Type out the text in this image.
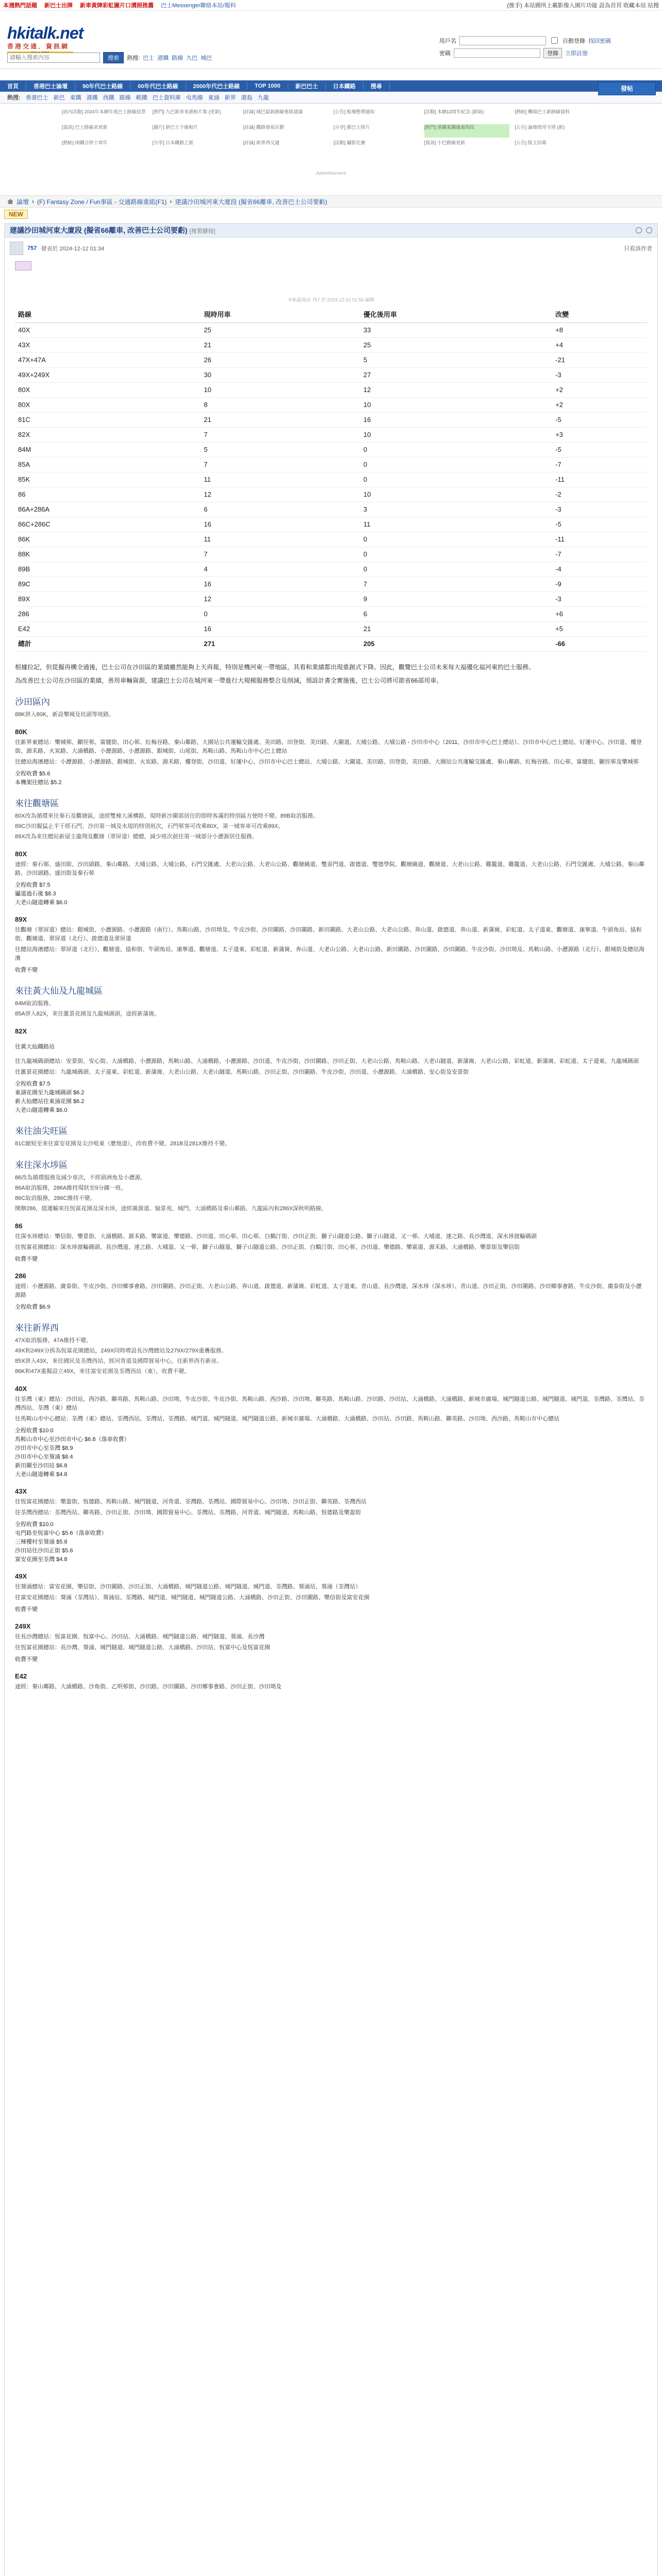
本週熱門話題 新巴士出牌 新車黃牌彩虹圖片口溝照推薦 巴士Messenger聯絡本站/報料	(推手) 本站國所上載影像入園片功能 設為首頁 收藏本站 站搜
hkitalk.net
香港交通．資訊網
用戶名	自動登錄 找回密碼
密碼	登錄	立即註冊
請輸入搜索內容
搜索	熱搜: 巴士 港鐵 路線 九巴 城巴
發帖
首頁	香港巴士論壇	90年代巴士路線	00年代巴士路線	2000年代巴士路線	TOP 1000	新巴巴士	日本鐵路	搜尋
熱搜: 香港巴士 新巴 東鐵 港鐵 西鐵 路線 輕鐵 巴士資料庫 屯馬線 東涌 新界 港島 九龍
[站內活動] 2024年本網年度巴士路線投票	[熱門] 九巴新車來港相片集 (更新)	[討論] 城巴最新路線重組建議	[公告] 板塊整理通知	[活動] 本網13周年紀念 (新貼)	[熱帖] 機場巴士新路線資料
[資訊] 巴士路線表更新	[圖片] 新巴士下線相片	[討論] 鐵路發展計劃	[分享] 舊巴士照片	[熱門] 港鐵東鐵綫過海段	[公告] 論壇使用守則 (新)
[熱帖] 兩鐵合併十周年	[分享] 日本鐵路之旅	[討論] 新界西交通	[活動] 攝影比賽	[資訊] 小巴路線更新	[公告] 版主招募
Advertisement
論壇 › (F) Fantasy Zone / Fun事區 - 交通路線重組(F1) › 建議沙田城河東大廈段 (擬省66離車, 改善巴士公司要虧)
NEW
建議沙田城河東大廈段 (擬省66離車, 改善巴士公司要虧) [複製鏈接]
757 發表於 2024-12-12 01:34	只看該作者
本帖最後由 757 於 2024-12-12 01:56 編輯
路線	現時用車	優化後用車	改變
40X	25	33	+8
43X	21	25	+4
47X+47A	26	5	-21
49X+249X	30	27	-3
80X	10	12	+2
80X	8	10	+2
81C	21	16	-5
82X	7	10	+3
84M	5	0	-5
85A	7	0	-7
85K	11	0	-11
86	12	10	-2
86A+286A	6	3	-3
86C+286C	16	11	-5
86K	11	0	-11
88K	7	0	-7
89B	4	0	-4
89C	16	7	-9
89X	12	9	-3
286	0	6	+6
E42	16	21	+5
總計	271	205	-66

根據拉記，但從擬再構全通後，巴士公司在沙田區的業績雖然能夠上天再報，特別是機河東一帶地區，其看和業績都出現重創式下降。因此，觀覽巴士公司未來每大福優化福河東的巴士服務。

為改善巴士公司在沙田區的業績，善用車輛資源，建議巴士公司在城河東一帶進行大規模服務整合及削減，預設計書全實施後，巴士公司將可節省66部用車。

沙田區內
88K併入80K，新設樂城及坑頭等班路。
80K
往新界東總站：樂城邨、顯徑邨、富健街、田心邨、紅梅谷路、秦山鄰路、大園站公共運輸交匯處、美田路、田登街、美田路、大圍道、大埔公路、大埔公路 - 沙田市中心（2011、沙田市中心巴士總站）、沙田市中心巴士總站、好運中心、沙田道、樓登街、源禾路、火炭路、大涌橋路、小瀝源路、小瀝源路、銀城街、山尾街、馬鞍山路、馬鞍山市中心巴士總站
往總站海濱總站：小瀝源路、小瀝源路、銀城街、火炭路、源禾路、樓登街、沙田道、好運中心、沙田市中心巴士總站、大埔公路、大圍道、美田路、田登街、美田路、大園站公共運輸交匯處、秦山鄰路、紅梅谷路、田心邨、富健街、顯徑邨及樂城邨
全程收費 $5.6
本機架往總站 $5.2
來往觀塘區
80X改為循環來往秦石及觀塘區，途經雙棟大溪構路，現時新沙圍部居住的即時客滿的特別區方便時不變。89B取消服務。
89C沙田擬猛止半干經石門、沙田第一城及水堤的特別班次，石門邨客可改乘80X，第一城客車可改乘89X。
89X改為來往總站新屋主龍翔及觀塘（翠屏道）總總，減少班次前往第一城部分小瀝源居住服務。
80X
途經：秦石邨、盛田街、沙田頭路、秦山鄰路、大埔公路、大埔公路、石門交匯處、大老山公路、大老山公路、觀塘繞道、雙喜門道、啟德道、雙德學院、觀塘繞道、觀塘道、大老山公路、雞籠道、雞籠道、大老山公路、石門交匯處、大埔公路、秦山鄰路、沙田頭路、盛田街及秦石邨
全程收費 $7.5
屬道過石後 $8.3
大老山隧道轉乘 $6.0
89X
往觀塘（翠屏道）總站：銀城街、小瀝源路、小瀝源路（南行）、馬鞍山路、沙田坳及、牛皮沙街、沙田圍路、沙田圍路、新田圍路、大老山公路、大老山公路、奔山道、啟德道、奔山道、新蒲崗、彩虹道、太子道東、觀塘道、康寧道、牛頭角站、協和街、觀塘道、翠屏道（北行）、啟德道及翠屏道
往總站海濱總站：翠屏道（北行）、觀塘道、協和街、牛頭角站、康寧道、觀塘道、太子道東、彩虹道、新蒲崗、奔山道、大老山公路、大老山公路、新田圍路、沙田圍路、沙田圍路、牛皮沙街、沙田坳及、馬鞍山路、小瀝源路（北行）、銀城街及總站海濱
收費不變
來往黃大仙及九龍城區
84M取消服務。
85A併入82X，來往滙景花園及九龍城碼頭，途經新蒲崗。
82X
往黃大仙鐵路站
往九龍城碼頭總站：安景街、安心街、大涌橋路、小瀝源路、馬鞍山路、大涌橋路、小瀝源路、沙田道、牛皮沙街、沙田圍路、沙田正街、大老山公路、馬鞍山路、大老山隧道、新蒲崗、大老山公路、彩虹道、新蒲崗、彩虹道、太子道東、九龍城碼頭
往滙景花園總站：九龍城碼頭、太子道東、彩虹道、新蒲崗、大老山公路、大老山隧道、馬鞍山路、沙田正街、沙田圍路、牛皮沙街、沙田道、小瀝源路、大涌橋路、安心街及安景街
全程收費 $7.5
東湖花園至九龍城碼頭 $6.2
新大仙總站往東涌花園 $6.2
大老山隧道轉乘 $6.0
來往油尖旺區
81C縮短至來往富安花園及尖沙咀東（麼地道），改收費不變。281B及281X維持不變。
來往深水埗區
86改為循環服務及減少車次，不經頭洲角及小瀝源。
86A取消服務，286A維持現狀至9分鐘一班。
86C取消服務，286C維持不變。
開辦286，值運輸來往恆富花園及深水埗，途經廣源道、愉景苑、城門、大涌橋路及秦山鄰路、九龍區內和286X深秋明路線。
86
往深水埗總站：樂信街、樂景街、大涌橋路、源禾路、樂富道、樂德路、沙田道、田心邨、田心邨、白鶴汀街、沙田正街、獅子山隧道公路、獅子山隧道、又一邨、大埔道、達之路、長沙灣道、深水埗渡輪碼頭
往恆富花園總站：深水埗渡輪碼頭、長沙灣道、達之路、大埔道、又一邨、獅子山隧道、獅子山隧道公路、沙田正街、白鶴汀街、田心邨、沙田道、樂德路、樂富道、源禾路、大涌橋路、樂景街及樂信街
收費不變
286
途經：小瀝源路、廣泰街、牛皮沙街、沙田鄉事會路、沙田圍路、沙田正街、大老山公路、奔山道、啟德道、新蒲崗、彩虹道、太子道東、青山道、長沙灣道、深水埗（深水埗）、青山道、沙田正街、沙田圍路、沙田鄉事會路、牛皮沙街、廣泰街及小瀝源路
全程收費 $6.9
來往新界西
47X取消服務，47A維持不變。
49X和249X分拆為恆富花園總站，249X同時增設長沙灣總站及279X/279X重疊服務。
85X併入43X，來往國民及荃灣西站，經河背道及國際貿易中心，往新界西有新亮。
86K和47X重擬設立49X，來往富安花園及荃灣西站（東），收費不變。
40X
往荃灣（東）總站：沙田站、西沙路、聯英路、馬鞍山路、沙田坳、牛皮沙街、牛皮沙街、馬鞍山路、西沙路、沙田坳、聯英路、馬鞍山路、沙田路、沙田站、大涌橋路、大涌橋路、新城市廣場、城門隧道公路、城門隧道、城門道、荃灣路、荃灣站、荃灣西站、荃灣（東）總站
往馬鞍山市中心總站：荃灣（東）總站、荃灣西站、荃灣站、荃灣路、城門道、城門隧道、城門隧道公路、新城市廣場、大涌橋路、大涌橋路、沙田站、沙田路、馬鞍山路、聯英路、沙田坳、西沙路、馬鞍山市中心總站
全程收費 $10.0
馬鞍山市中心至沙田市中心 $6.8（落車收費）
沙田市中心至荃灣 $8.9
沙田市中心至葵涌 $8.4
新田圍至沙田站 $6.8
大老山隧道轉乘 $4.8
43X
往恆富花園總站：樂盈街、恆德路、馬鞍山路、城門隧道、河背道、荃灣路、荃灣站、國際貿易中心、沙田坳、沙田正街、聯英路、荃灣西站
往荃灣西總站：荃灣西站、聯英路、沙田正街、沙田坳、國際貿易中心、荃灣站、荃灣路、河背道、城門隧道、馬鞍山路、恆德路及樂盈街
全程收費 $10.0
屯門路至恆富中心 $5.6（落車收費）
三棟樓村至葵涌 $5.8
沙田站往沙田正街 $5.6
富安花園至荃灣 $4.8
49X
往葵涌總站：富安花園、樂信街、沙田圍路、沙田正街、大涌橋路、城門隧道公路、城門隧道、城門道、荃灣路、葵涌站、葵涌（荃灣站）
往富安花園總站：葵涌（荃灣站）、葵涌站、荃灣路、城門道、城門隧道、城門隧道公路、大涌橋路、沙田正街、沙田圍路、樂信街及富安花園
收費不變
249X
往長沙灣總站：恆富花園、恆富中心、沙田站、大涌橋路、城門隧道公路、城門隧道、葵涌、長沙灣
往恆富花園總站：長沙灣、葵涌、城門隧道、城門隧道公路、大涌橋路、沙田站、恆富中心及恆富花園
收費不變
E42
途經：秦山鄰路、大涌橋路、沙角街、乙明邨街、沙田路、沙田圍路、沙田鄉事會路、沙田正街、沙田坳及
